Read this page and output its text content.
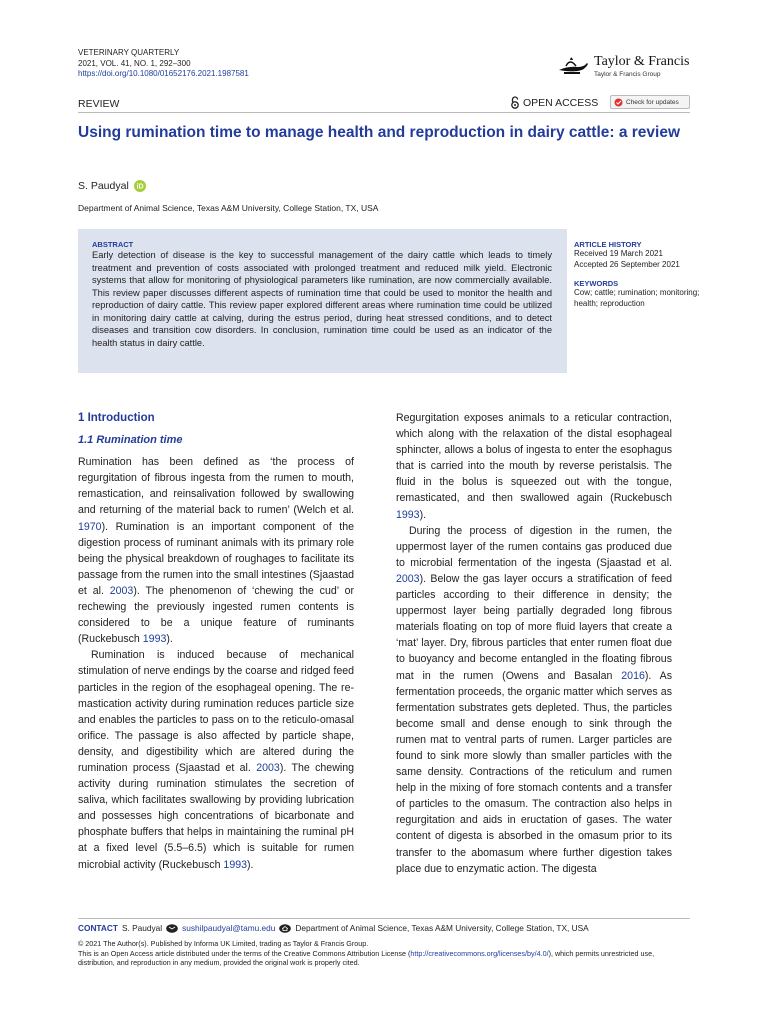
VETERINARY QUARTERLY
2021, VOL. 41, NO. 1, 292–300
https://doi.org/10.1080/01652176.2021.1987581
Taylor & Francis
Taylor & Francis Group
REVIEW	OPEN ACCESS	Check for updates
Using rumination time to manage health and reproduction in dairy cattle: a review
S. Paudyal iD
Department of Animal Science, Texas A&M University, College Station, TX, USA
ABSTRACT

Early detection of disease is the key to successful management of the dairy cattle which leads to timely treatment and prevention of costs associated with prolonged treatment and reduced milk yield. Electronic systems that allow for monitoring of physiological parameters like rumination, are now commercially available. This review paper discusses different aspects of rumination time that could be used to monitor the health and reproduction of dairy cattle. This review paper explored different areas where rumination time could be utilized in monitoring dairy cattle at calving, during the estrus period, during heat stressed conditions, and to detect diseases and transition cow disorders. In conclusion, rumination time could be used as an indicator of the health status in dairy cattle.

ARTICLE HISTORY
Received 19 March 2021
Accepted 26 September 2021
KEYWORDS
Cow; cattle; rumination; monitoring; health; reproduction
1 Introduction
1.1 Rumination time

Rumination has been defined as ‘the process of regurgitation of fibrous ingesta from the rumen to mouth, remastication, and reinsalivation followed by swallowing and returning of the material back to rumen’ (Welch et al. 1970). Rumination is an important component of the digestion process of ruminant animals with its primary role being the physical breakdown of roughages to facilitate its passage from the rumen into the small intestines (Sjaastad et al. 2003). The phenomenon of ‘chewing the cud’ or rechewing the previously ingested rumen contents is considered to be a unique feature of ruminants (Ruckebusch 1993).

Rumination is induced because of mechanical stimulation of nerve endings by the coarse and ridged feed particles in the region of the esophageal opening. The re-mastication activity during rumination reduces particle size and enables the particles to pass on to the reticulo-omasal orifice. The passage is also affected by particle shape, density, and digestibility which are altered during the rumination process (Sjaastad et al. 2003). The chewing activity during rumination stimulates the secretion of saliva, which facilitates swallowing by providing lubrication and possesses high concentrations of bicarbonate and phosphate buffers that helps in maintaining the ruminal pH at a fixed level (5.5–6.5) which is suitable for rumen microbial activity (Ruckebusch 1993).

Regurgitation exposes animals to a reticular contraction, which along with the relaxation of the distal esophageal sphincter, allows a bolus of ingesta to enter the esophagus that is carried into the mouth by reverse peristalsis. The fluid in the bolus is squeezed out with the tongue, remasticated, and then swallowed again (Ruckebusch 1993).

During the process of digestion in the rumen, the uppermost layer of the rumen contains gas produced due to microbial fermentation of the ingesta (Sjaastad et al. 2003). Below the gas layer occurs a stratification of feed particles according to their difference in density; the uppermost layer being partially degraded long fibrous materials floating on top of more fluid layers that create a ‘mat’ layer. Dry, fibrous particles that enter rumen float due to buoyancy and become entangled in the floating fibrous mat in the rumen (Owens and Basalan 2016). As fermentation proceeds, the organic matter which serves as fermentation substrates gets depleted. Thus, the particles become small and dense enough to sink through the rumen mat to ventral parts of rumen. Larger particles are found to sink more slowly than smaller particles with the same density. Contractions of the reticulum and rumen help in the mixing of fore stomach contents and a transfer of particles to the omasum. The contraction also helps in regurgitation and aids in eructation of gases. The water content of digesta is absorbed in the omasum prior to its transfer to the abomasum where further digestion takes place due to enzymatic action. The digesta

CONTACT S. Paudyal sushilpaudyal@tamu.edu Department of Animal Science, Texas A&M University, College Station, TX, USA
© 2021 The Author(s). Published by Informa UK Limited, trading as Taylor & Francis Group.
This is an Open Access article distributed under the terms of the Creative Commons Attribution License (http://creativecommons.org/licenses/by/4.0/), which permits unrestricted use, distribution, and reproduction in any medium, provided the original work is properly cited.
